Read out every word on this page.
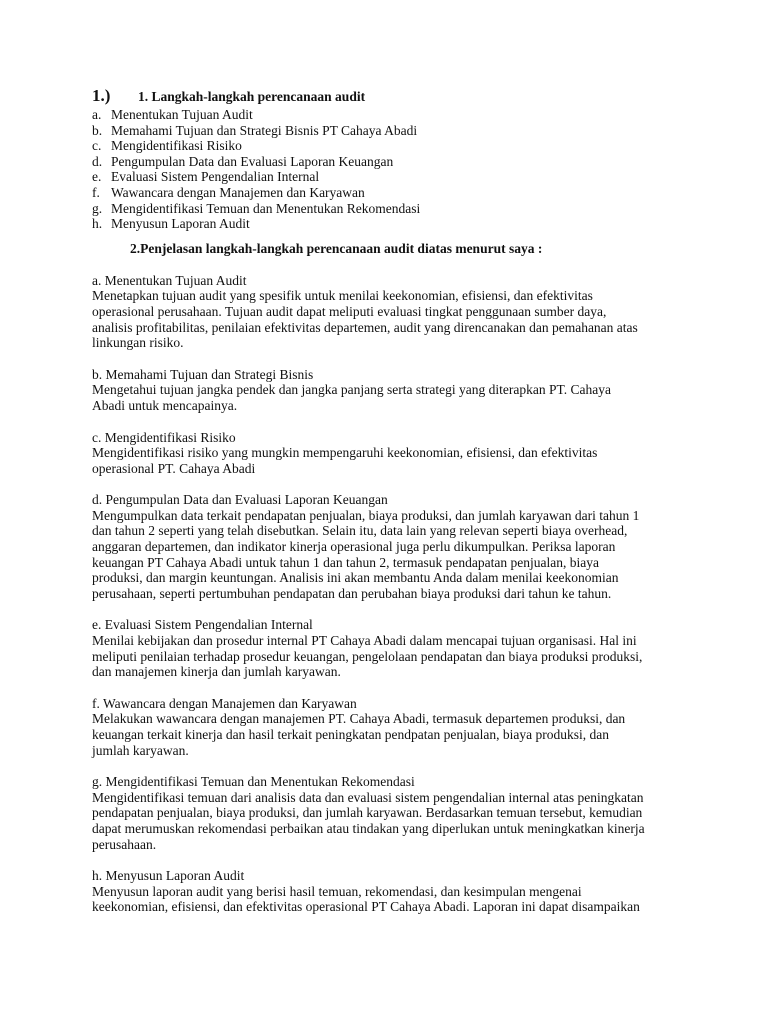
1.)	1. Langkah-langkah perencanaan audit
a. Menentukan Tujuan Audit
b. Memahami Tujuan dan Strategi Bisnis PT Cahaya Abadi
c. Mengidentifikasi Risiko
d. Pengumpulan Data dan Evaluasi Laporan Keuangan
e. Evaluasi Sistem Pengendalian Internal
f. Wawancara dengan Manajemen dan Karyawan
g. Mengidentifikasi Temuan dan Menentukan Rekomendasi
h. Menyusun Laporan Audit
2.Penjelasan langkah-langkah perencanaan audit diatas menurut saya :
a. Menentukan Tujuan Audit
Menetapkan tujuan audit yang spesifik untuk menilai keekonomian, efisiensi, dan efektivitas
operasional perusahaan. Tujuan audit dapat meliputi evaluasi tingkat penggunaan sumber daya,
analisis profitabilitas, penilaian efektivitas departemen, audit yang direncanakan dan pemahanan atas
linkungan risiko.
b. Memahami Tujuan dan Strategi Bisnis
Mengetahui tujuan jangka pendek dan jangka panjang serta strategi yang diterapkan PT. Cahaya
Abadi untuk mencapainya.
c. Mengidentifikasi Risiko
Mengidentifikasi risiko yang mungkin mempengaruhi keekonomian, efisiensi, dan efektivitas
operasional PT. Cahaya Abadi
d. Pengumpulan Data dan Evaluasi Laporan Keuangan
Mengumpulkan data terkait pendapatan penjualan, biaya produksi, dan jumlah karyawan dari tahun 1
dan tahun 2 seperti yang telah disebutkan. Selain itu, data lain yang relevan seperti biaya overhead,
anggaran departemen, dan indikator kinerja operasional juga perlu dikumpulkan. Periksa laporan
keuangan PT Cahaya Abadi untuk tahun 1 dan tahun 2, termasuk pendapatan penjualan, biaya
produksi, dan margin keuntungan. Analisis ini akan membantu Anda dalam menilai keekonomian
perusahaan, seperti pertumbuhan pendapatan dan perubahan biaya produksi dari tahun ke tahun.
e. Evaluasi Sistem Pengendalian Internal
Menilai kebijakan dan prosedur internal PT Cahaya Abadi dalam mencapai tujuan organisasi. Hal ini
meliputi penilaian terhadap prosedur keuangan, pengelolaan pendapatan dan biaya produksi produksi,
dan manajemen kinerja dan jumlah karyawan.
f. Wawancara dengan Manajemen dan Karyawan
Melakukan wawancara dengan manajemen PT. Cahaya Abadi, termasuk departemen produksi, dan
keuangan terkait kinerja dan hasil terkait peningkatan pendpatan penjualan, biaya produksi, dan
jumlah karyawan.
g. Mengidentifikasi Temuan dan Menentukan Rekomendasi
Mengidentifikasi temuan dari analisis data dan evaluasi sistem pengendalian internal atas peningkatan
pendapatan penjualan, biaya produksi, dan jumlah karyawan. Berdasarkan temuan tersebut, kemudian
dapat merumuskan rekomendasi perbaikan atau tindakan yang diperlukan untuk meningkatkan kinerja
perusahaan.
h. Menyusun Laporan Audit
Menyusun laporan audit yang berisi hasil temuan, rekomendasi, dan kesimpulan mengenai
keekonomian, efisiensi, dan efektivitas operasional PT Cahaya Abadi. Laporan ini dapat disampaikan
